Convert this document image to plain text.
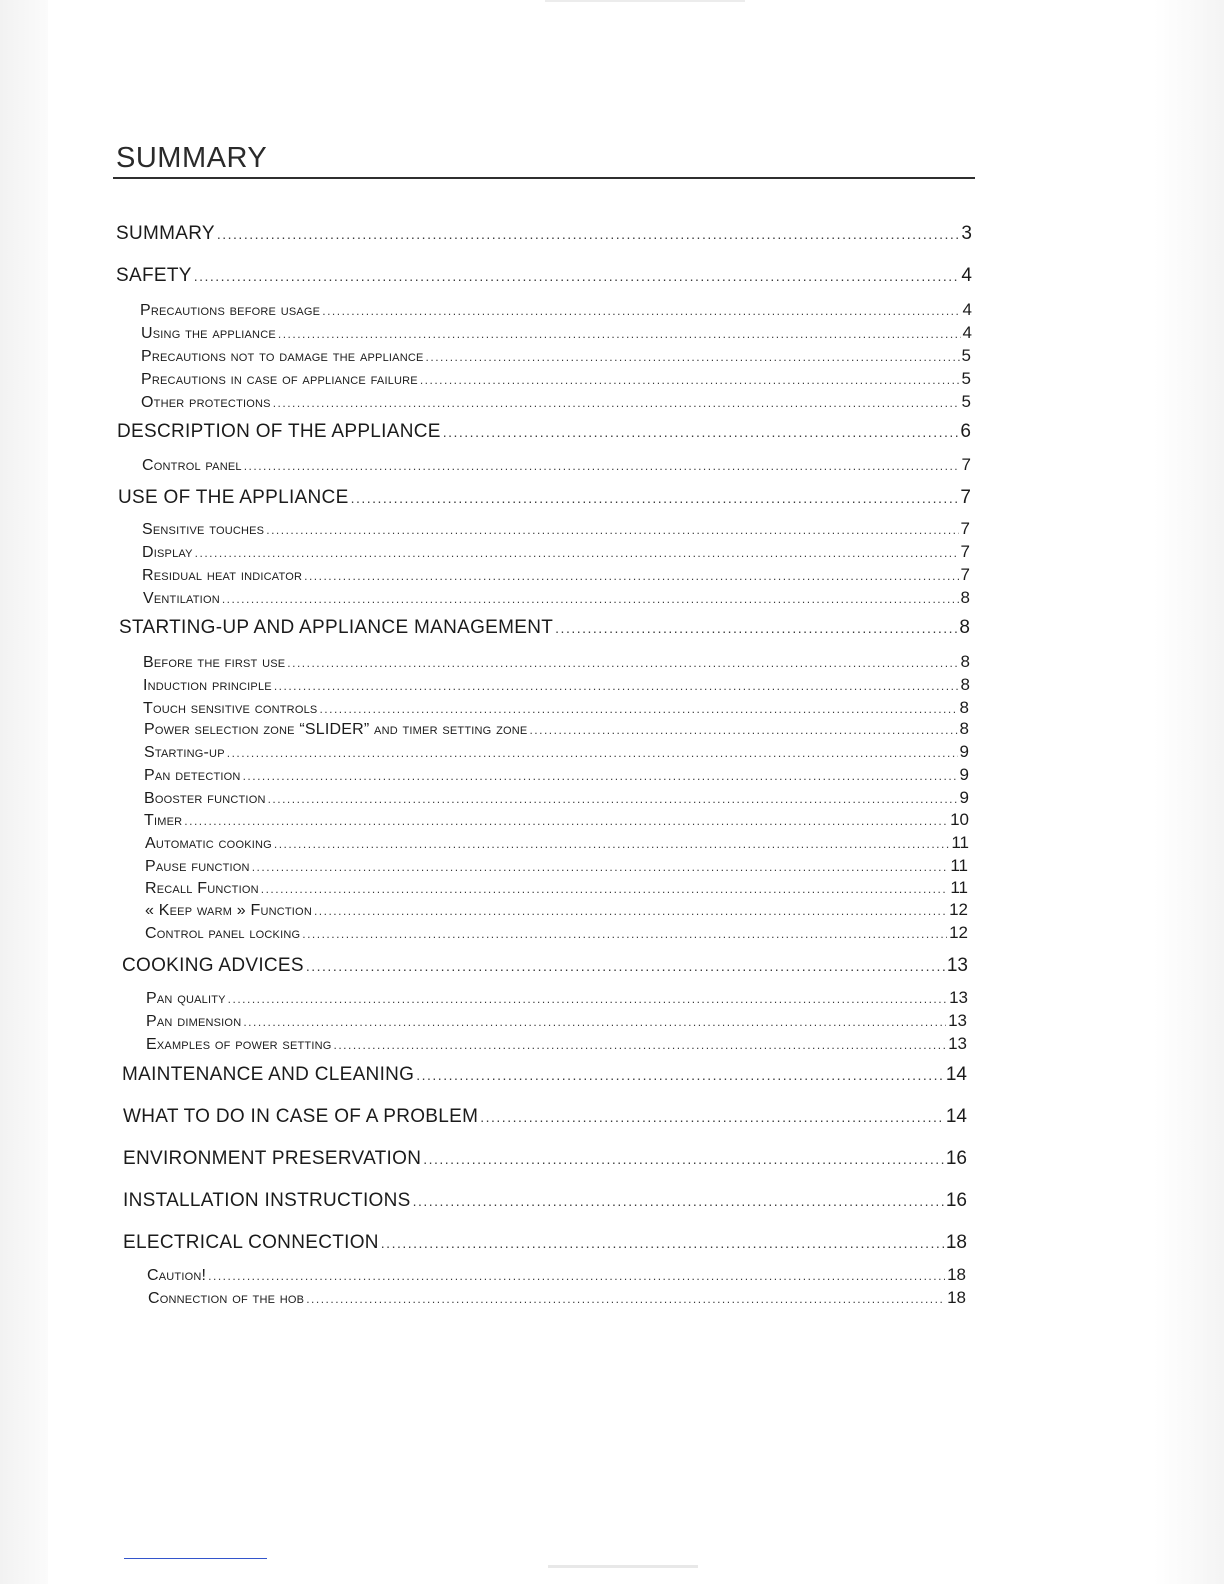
SUMMARY
SUMMARY .....	3
SAFETY .....	4
Precautions before usage .....	4
Using the appliance .....	4
Precautions not to damage the appliance .....	5
Precautions in case of appliance failure .....	5
Other protections .....	5
DESCRIPTION OF THE APPLIANCE .....	6
Control panel .....	7
USE OF THE APPLIANCE .....	7
Sensitive touches .....	7
Display .....	7
Residual heat indicator .....	7
Ventilation .....	8
STARTING-UP AND APPLIANCE MANAGEMENT .....	8
Before the first use .....	8
Induction principle .....	8
Touch sensitive controls .....	8
Power selection zone “SLIDER” and timer setting zone .....	8
Starting-up .....	9
Pan detection .....	9
Booster function .....	9
Timer .....	10
Automatic cooking .....	11
Pause function .....	11
Recall Function .....	11
« Keep warm » Function .....	12
Control panel locking .....	12
COOKING ADVICES .....	13
Pan quality .....	13
Pan dimension .....	13
Examples of power setting .....	13
MAINTENANCE AND CLEANING .....	14
WHAT TO DO IN CASE OF A PROBLEM .....	14
ENVIRONMENT PRESERVATION .....	16
INSTALLATION INSTRUCTIONS .....	16
ELECTRICAL CONNECTION .....	18
Caution! .....	18
Connection of the hob .....	18
